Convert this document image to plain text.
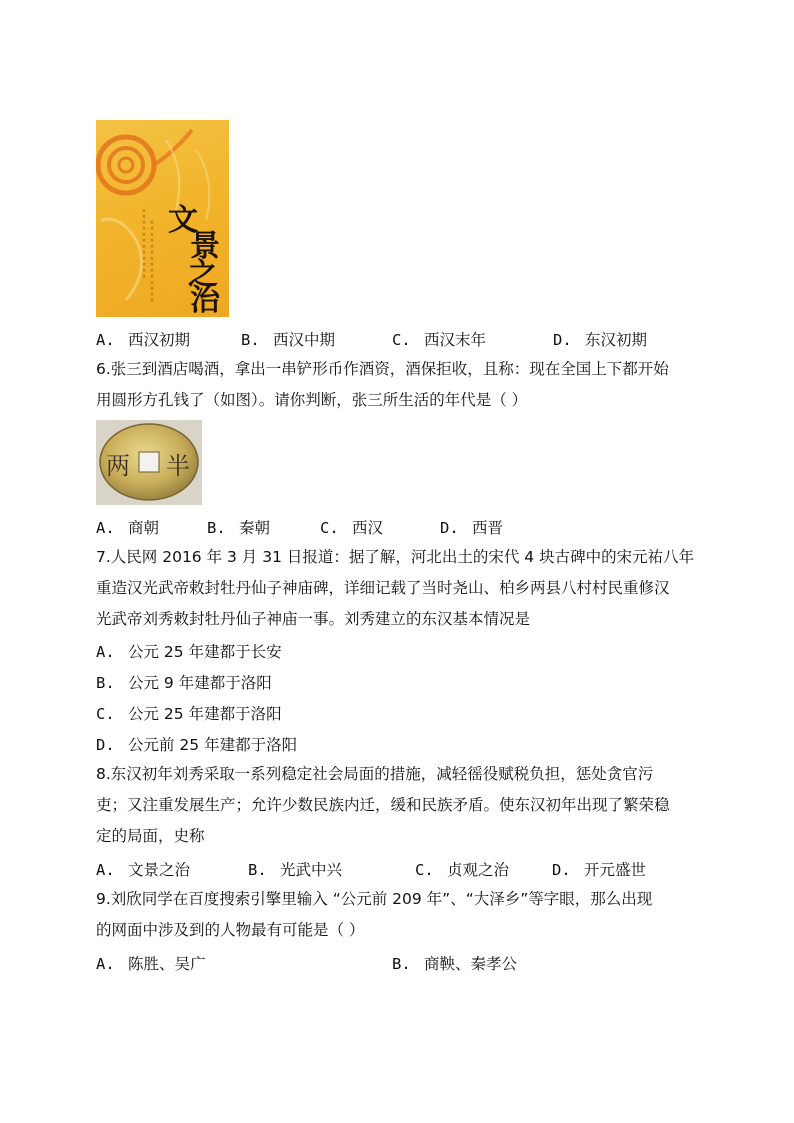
×××××××××××× ×××××××××××××× 文
景
之
治
A. 西汉初期	B. 西汉中期	C. 西汉末年	D. 东汉初期
6.张三到酒店喝酒，拿出一串铲形币作酒资，酒保拒收，且称：现在全国上下都开始
用圆形方孔钱了（如图）。请你判断，张三所生活的年代是（ ）
两 半
A. 商朝	B. 秦朝	C. 西汉	D. 西晋
7.人民网 2016 年 3 月 31 日报道：据了解，河北出土的宋代 4 块古碑中的宋元祐八年
重造汉光武帝敕封牡丹仙子神庙碑，详细记载了当时尧山、柏乡两县八村村民重修汉
光武帝刘秀敕封牡丹仙子神庙一事。刘秀建立的东汉基本情况是
A. 公元 25 年建都于长安
B. 公元 9 年建都于洛阳
C. 公元 25 年建都于洛阳
D. 公元前 25 年建都于洛阳
8.东汉初年刘秀采取一系列稳定社会局面的措施，减轻徭役赋税负担，惩处贪官污
吏；又注重发展生产；允许少数民族内迁，缓和民族矛盾。使东汉初年出现了繁荣稳
定的局面，史称
A. 文景之治	B. 光武中兴	C. 贞观之治	D. 开元盛世
9.刘欣同学在百度搜索引擎里输入 “公元前 209 年”、“大泽乡”等字眼，那么出现
的网面中涉及到的人物最有可能是（ ）
A. 陈胜、吴广	B. 商鞅、秦孝公
